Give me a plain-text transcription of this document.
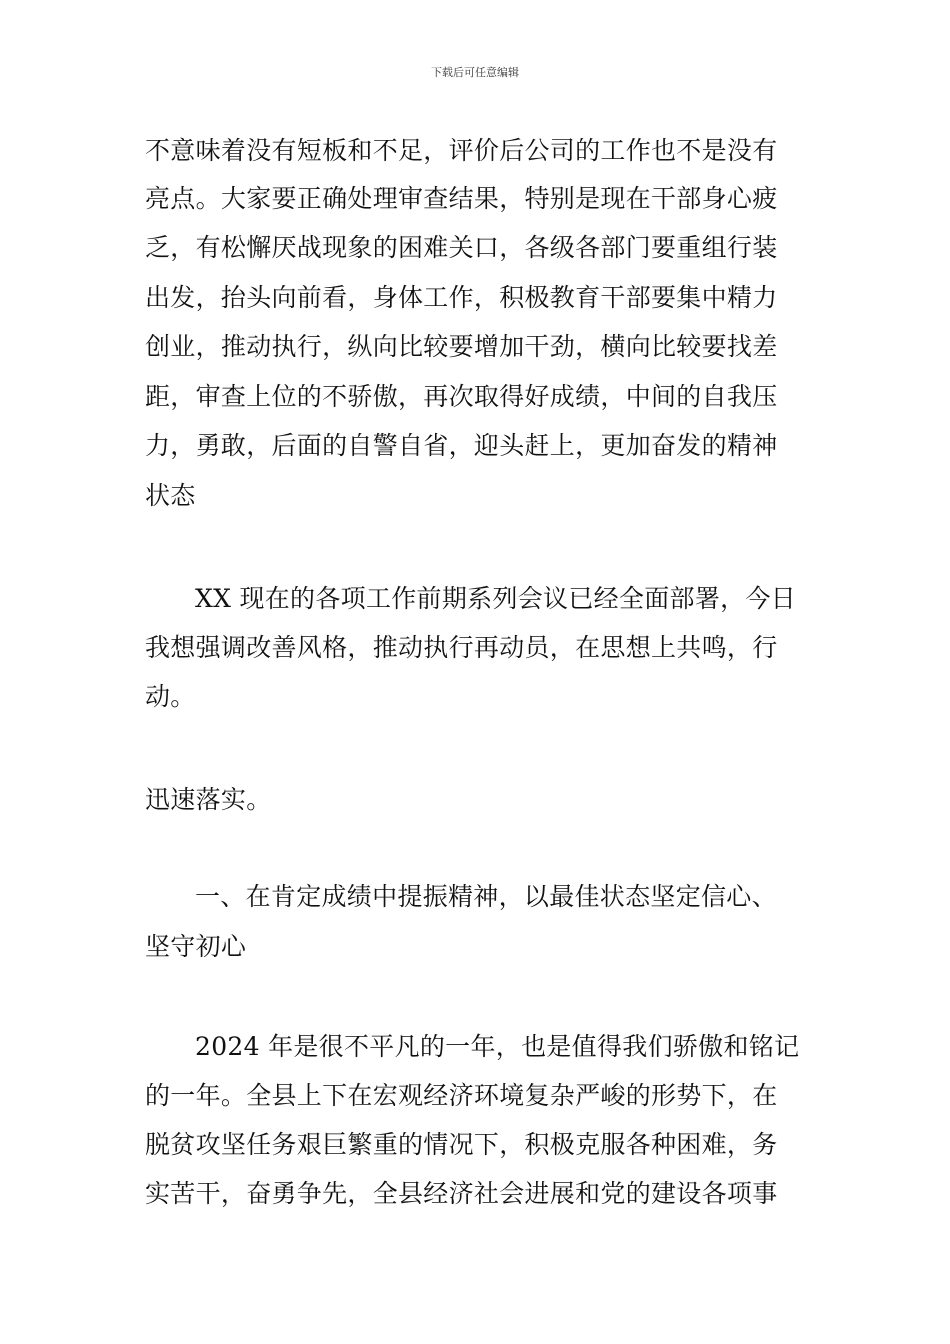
下载后可任意编辑
不意味着没有短板和不足，评价后公司的工作也不是没有
亮点。大家要正确处理审查结果，特别是现在干部身心疲
乏，有松懈厌战现象的困难关口，各级各部门要重组行装
出发，抬头向前看，身体工作，积极教育干部要集中精力
创业，推动执行，纵向比较要增加干劲，横向比较要找差
距，审查上位的不骄傲，再次取得好成绩，中间的自我压
力，勇敢，后面的自警自省，迎头赶上，更加奋发的精神
状态
XX 现在的各项工作前期系列会议已经全面部署，今日
我想强调改善风格，推动执行再动员，在思想上共鸣，行
动。
迅速落实。
一、在肯定成绩中提振精神，以最佳状态坚定信心、
坚守初心
2024 年是很不平凡的一年，也是值得我们骄傲和铭记
的一年。全县上下在宏观经济环境复杂严峻的形势下，在
脱贫攻坚任务艰巨繁重的情况下，积极克服各种困难，务
实苦干，奋勇争先，全县经济社会进展和党的建设各项事
